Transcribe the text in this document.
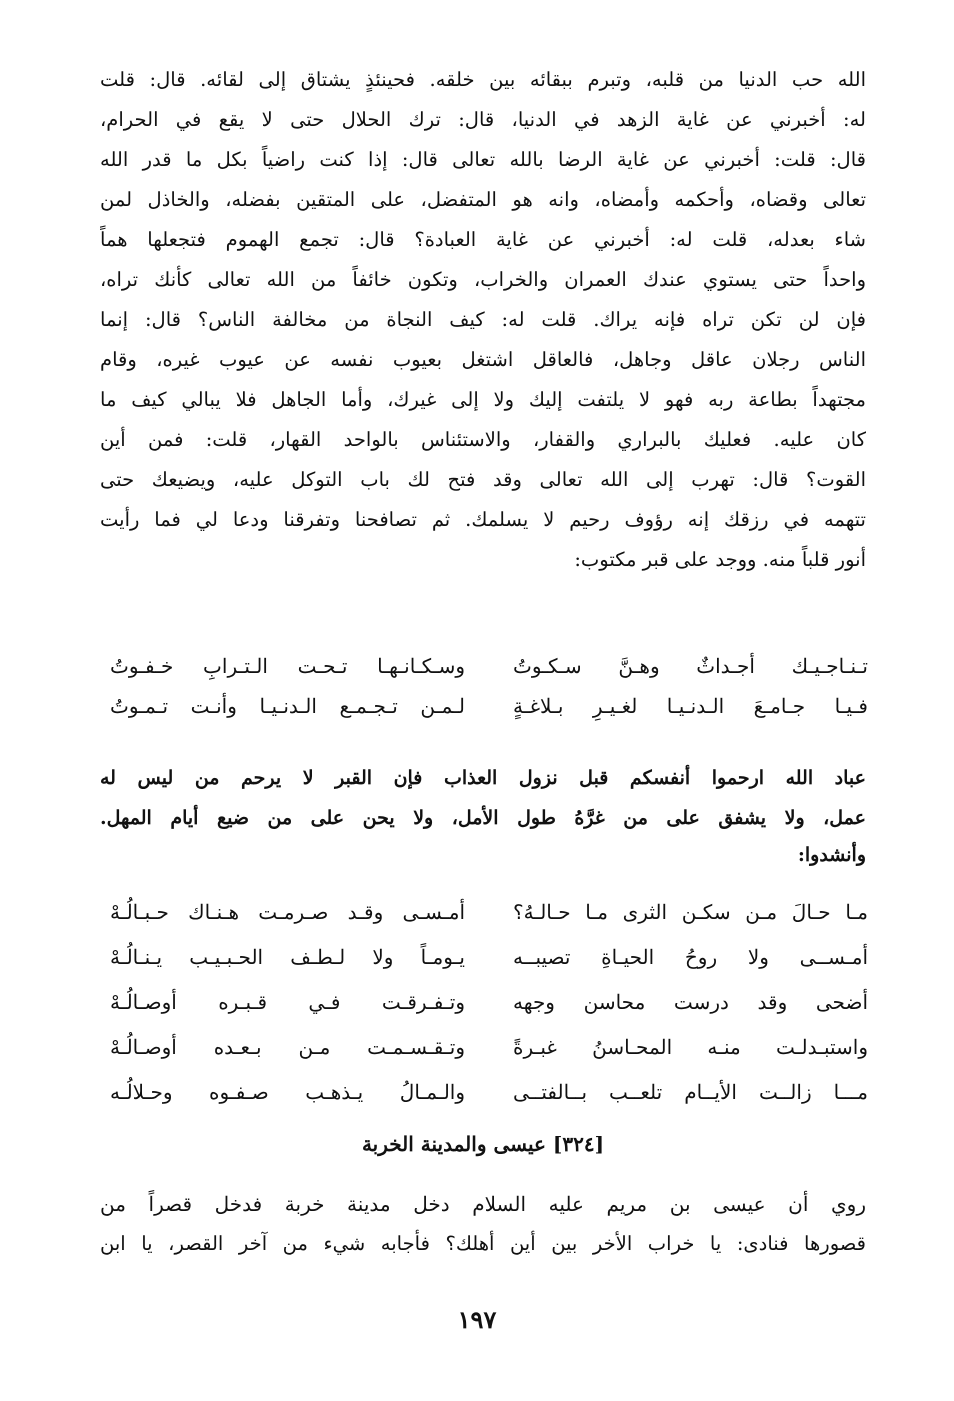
الله حب الدنيا من قلبه، وتبرم ببقائه بين خلقه. فحينئذٍ يشتاق إلى لقائه. قال: قلت
له: أخبرني عن غاية الزهد في الدنيا، قال: ترك الحلال حتى لا يقع في الحرام،
قال: قلت: أخبرني عن غاية الرضا بالله تعالى قال: إذا كنت راضياً بكل ما قدر الله
تعالى وقضاه، وأحكمه وأمضاه، وانه هو المتفضل، على المتقين بفضله، والخاذل لمن
شاء بعدله، قلت له: أخبرني عن غاية العبادة؟ قال: تجمع الهموم فتجعلها هماً
واحداً حتى يستوي عندك العمران والخراب، وتكون خائفاً من الله تعالى كأنك تراه،
فإن لن تكن تراه فإنه يراك. قلت له: كيف النجاة من مخالفة الناس؟ قال: إنما
الناس رجلان عاقل وجاهل، فالعاقل اشتغل بعيوب نفسه عن عيوب غيره، وقام
مجتهداً بطاعة ربه فهو لا يلتفت إليك ولا إلى غيرك، وأما الجاهل فلا يبالي كيف ما
كان عليه. فعليك بالبراري والقفار، والاستئناس بالواحد القهار، قلت: فمن أين
القوت؟ قال: تهرب إلى الله تعالى وقد فتح لك باب التوكل عليه، ويضيعك حتى
تتهمه في رزقك إنه رؤوف رحيم لا يسلمك. ثم تصافحنا وتفرقنا ودعا لي فما رأيت
أنور قلباً منه. ووجد على قبر مكتوب:
تـنـاجـيـك أجـداثٌ وهـنَّ سـكـوتُ
وسـكـانـهـا تـحـت الـتـرابِ خـفـوتُ
فـيـا جـامـعَ الـدنـيـا لغـيـرِ بـلاغـةٍ
لـمـن تـجـمـع الـدنـيـا وأنـت تـمـوتُ
عباد الله ارحموا أنفسكم قبل نزول العذاب فإن القبر لا يرحم من ليس له
عمل، ولا يشفق على من غرَّهُ طول الأمل، ولا يحن على من ضيع أيام المهل.
وأنشدوا:
مـا حـالَ مـن سكـن الثرى مـا حـالـهُ؟
أمـسـى وقـد صـرمـت هـنـاك حـبـالُـهْ
أمـســى ولا روحُ الحيـاةِ تصيبــه
يـومـاً ولا لـطـف الحـبـيـب يـنـالُـهْ
أضحى وقد درست محاسن وجهه
وتـفـرقـت فـي قـبـره أوصـالُـهْ
واستبـدلـت منـه المحـاسنُ غبـرةً
وتـقـسـمـت مـن بـعـده أوصـالُـهْ
مـــا زالــت الأيــام تلعــب بــالفتــى
والـمـالُ يـذهـب صـفـوه وحـلالُـه
[٣٢٤] عيسى والمدينة الخربة
روي أن عيسى بن مريم عليه السلام دخل مدينة خربة فدخل قصراً من
قصورها فنادى: يا خراب الأخر بين أين أهلك؟ فأجابه شيء من آخر القصر، يا ابن
١٩٧
